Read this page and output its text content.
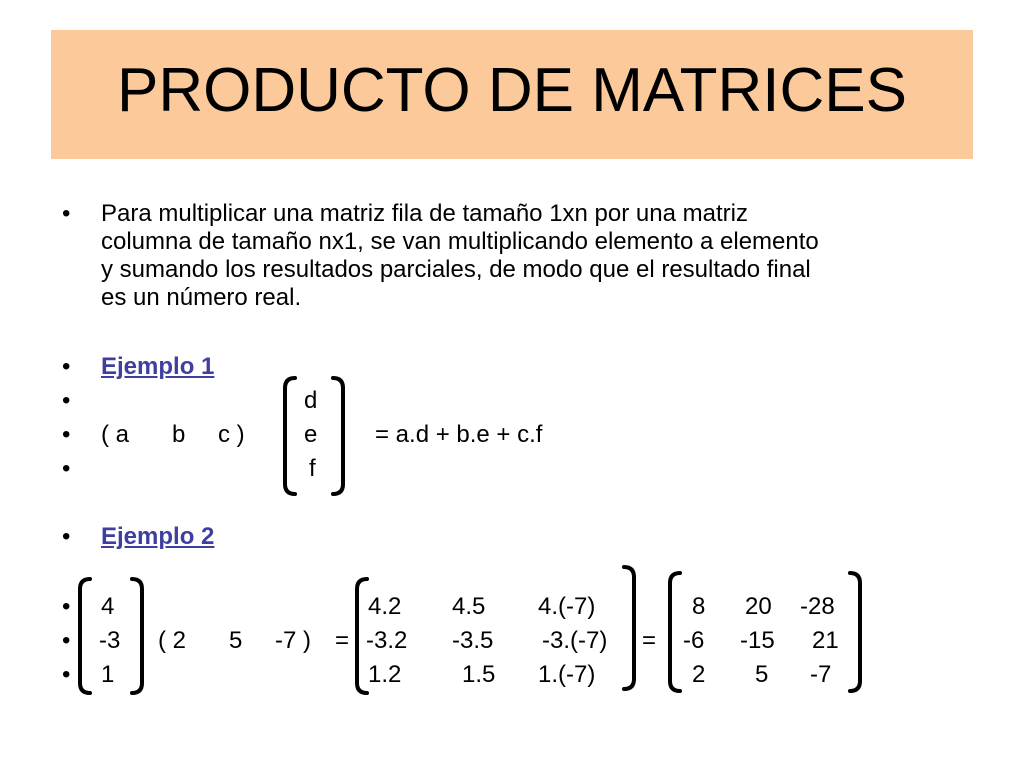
PRODUCTO DE MATRICES
• Para multiplicar una matriz fila de tamaño 1xn por una matriz
columna de tamaño nx1, se van multiplicando elemento a elemento
y sumando los resultados parciales, de modo que el resultado final
es un número real.
• Ejemplo 1
•
•
•
( a b c )
d
e
f
= a.d + b.e + c.f
• Ejemplo 2
•
•
•
4
-3
1
( 2 5 -7 ) =
4.2 4.5 4.(-7)
-3.2 -3.5 -3.(-7)
1.2	1.5 1.(-7)
=
8 20 -28
-6 -15 21
2 5 -7
